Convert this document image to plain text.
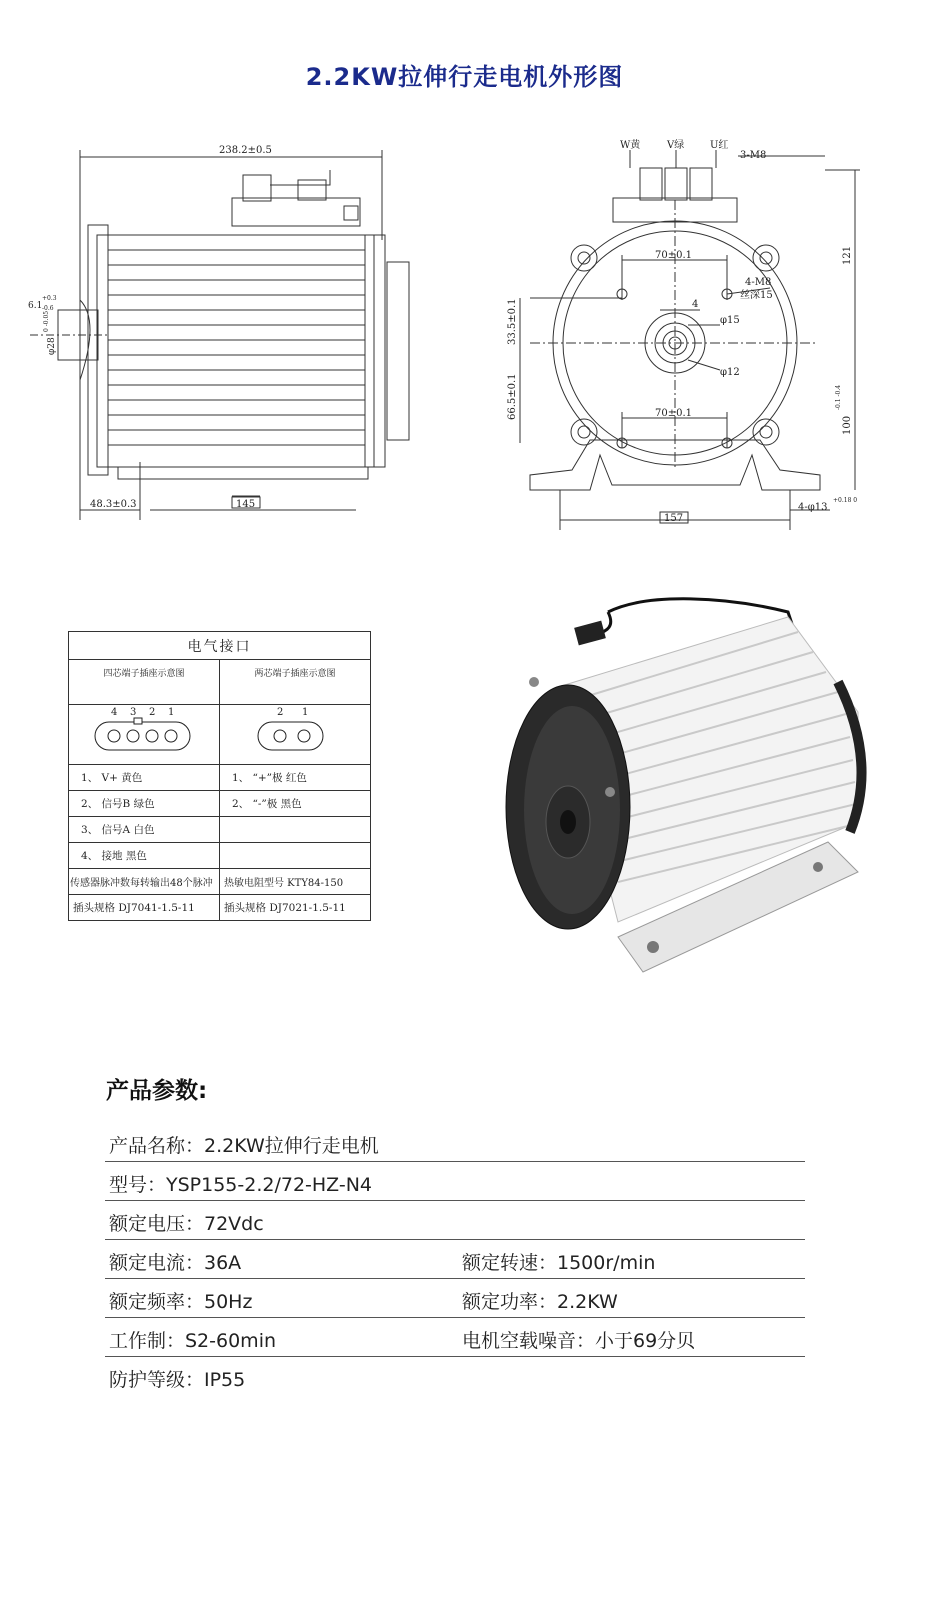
2.2KW拉伸行走电机外形图
238.2±0.5
48.3±0.3	145
6.1
+0.3
-0.6
φ28
0 -0.05
W黄	V绿	U红
3-M8
121
70±0.1
70±0.1
4-M8
丝深15
4
φ15
φ12
33.5±0.1
66.5±0.1
100
-0.1 -0.4
157
4-φ13
+0.18 0
电气接口	
四芯端子插座示意图	两芯端子插座示意图

4 3 2 1	2 1

1、 V+ 黄色	1、 “+”极 红色
2、 信号B 绿色	2、 “-”极 黑色
3、 信号A 白色	
4、 接地 黑色	
传感器脉冲数每转输出48个脉冲	热敏电阻型号 KTY84-150
插头规格 DJ7041-1.5-11	插头规格 DJ7021-1.5-11
产品参数:
产品名称：2.2KW拉伸行走电机
型号：YSP155-2.2/72-HZ-N4
额定电压：72Vdc
额定电流：36A	额定转速：1500r/min
额定频率：50Hz	额定功率：2.2KW
工作制：S2-60min	电机空载噪音：小于69分贝
防护等级：IP55
